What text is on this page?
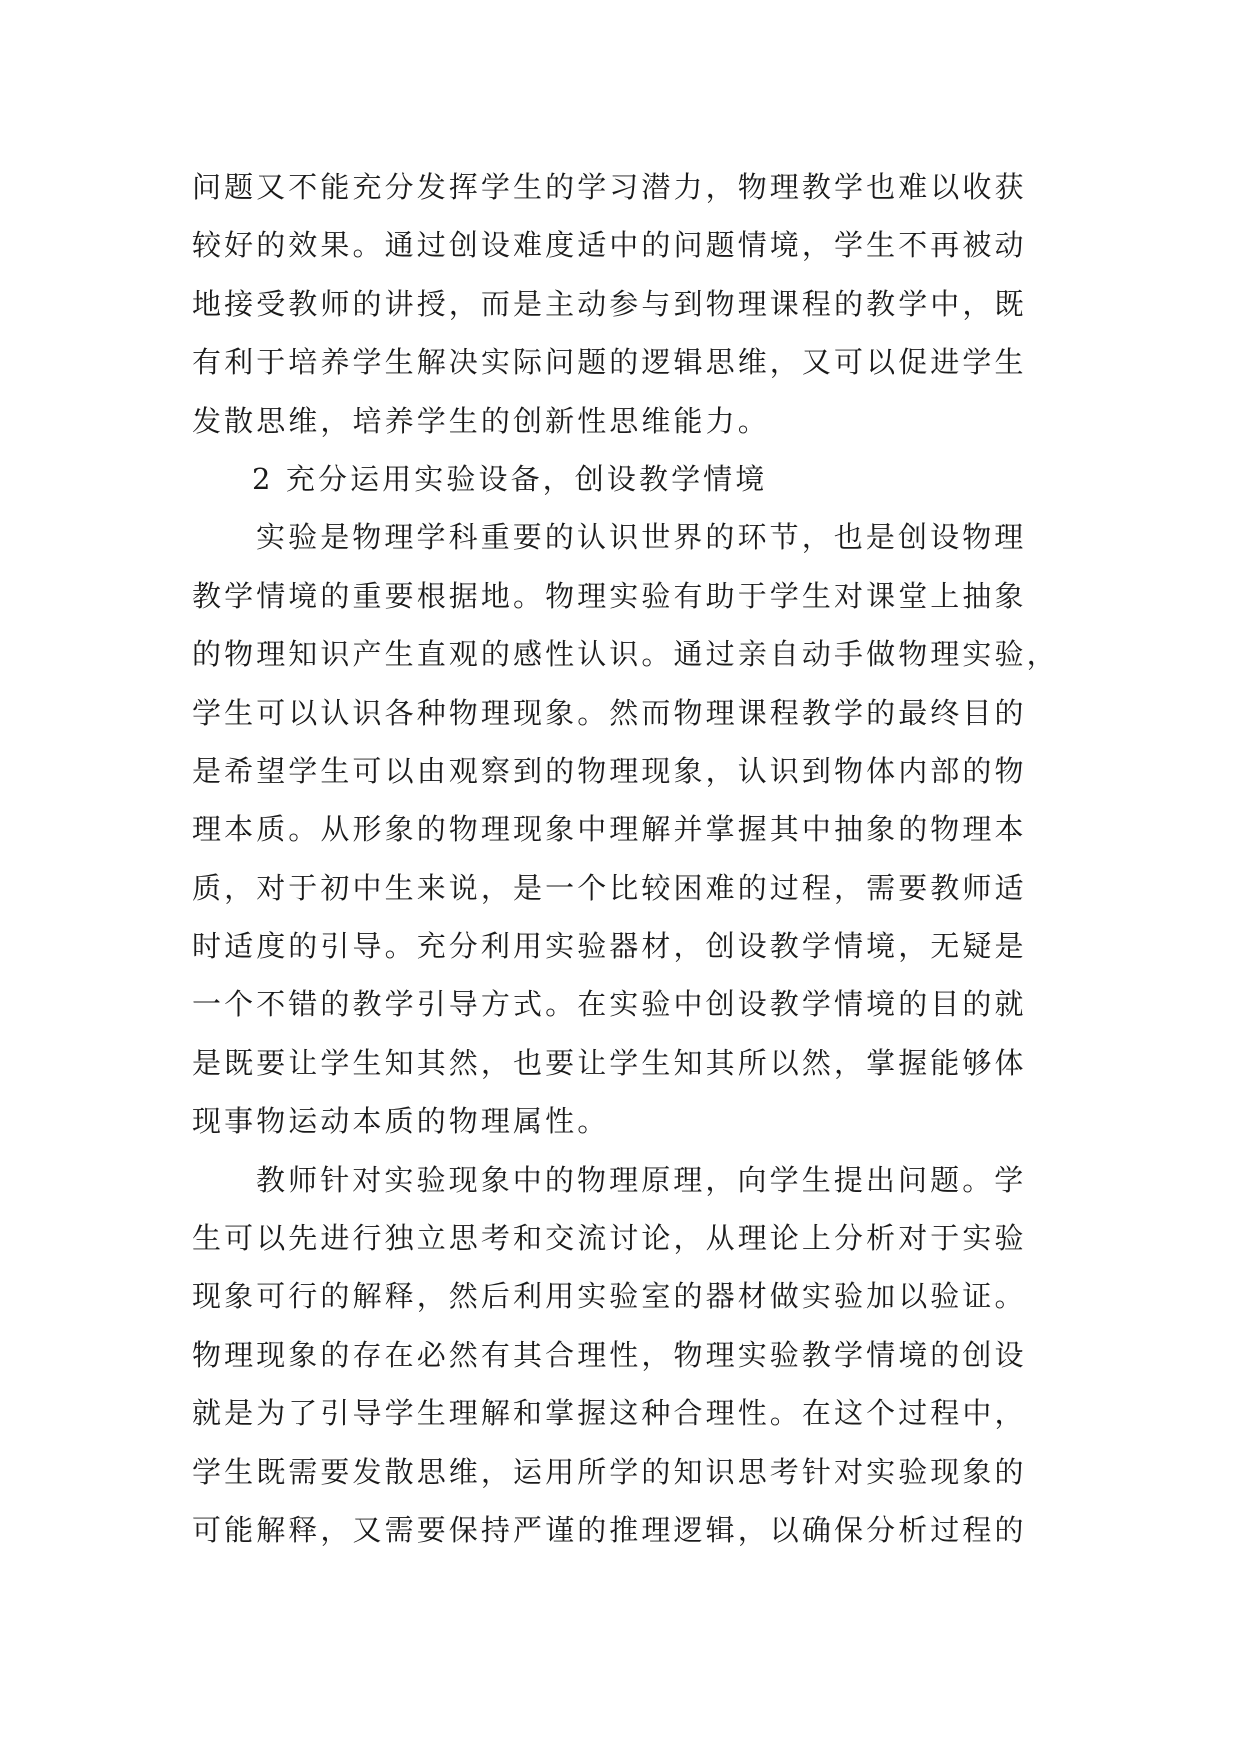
问题又不能充分发挥学生的学习潜力，物理教学也难以收获
较好的效果。通过创设难度适中的问题情境，学生不再被动
地接受教师的讲授，而是主动参与到物理课程的教学中，既
有利于培养学生解决实际问题的逻辑思维，又可以促进学生
发散思维，培养学生的创新性思维能力。
2 充分运用实验设备，创设教学情境
实验是物理学科重要的认识世界的环节，也是创设物理
教学情境的重要根据地。物理实验有助于学生对课堂上抽象
的物理知识产生直观的感性认识。通过亲自动手做物理实验，
学生可以认识各种物理现象。然而物理课程教学的最终目的
是希望学生可以由观察到的物理现象，认识到物体内部的物
理本质。从形象的物理现象中理解并掌握其中抽象的物理本
质，对于初中生来说，是一个比较困难的过程，需要教师适
时适度的引导。充分利用实验器材，创设教学情境，无疑是
一个不错的教学引导方式。在实验中创设教学情境的目的就
是既要让学生知其然，也要让学生知其所以然，掌握能够体
现事物运动本质的物理属性。
教师针对实验现象中的物理原理，向学生提出问题。学
生可以先进行独立思考和交流讨论，从理论上分析对于实验
现象可行的解释，然后利用实验室的器材做实验加以验证。
物理现象的存在必然有其合理性，物理实验教学情境的创设
就是为了引导学生理解和掌握这种合理性。在这个过程中，
学生既需要发散思维，运用所学的知识思考针对实验现象的
可能解释，又需要保持严谨的推理逻辑，以确保分析过程的
